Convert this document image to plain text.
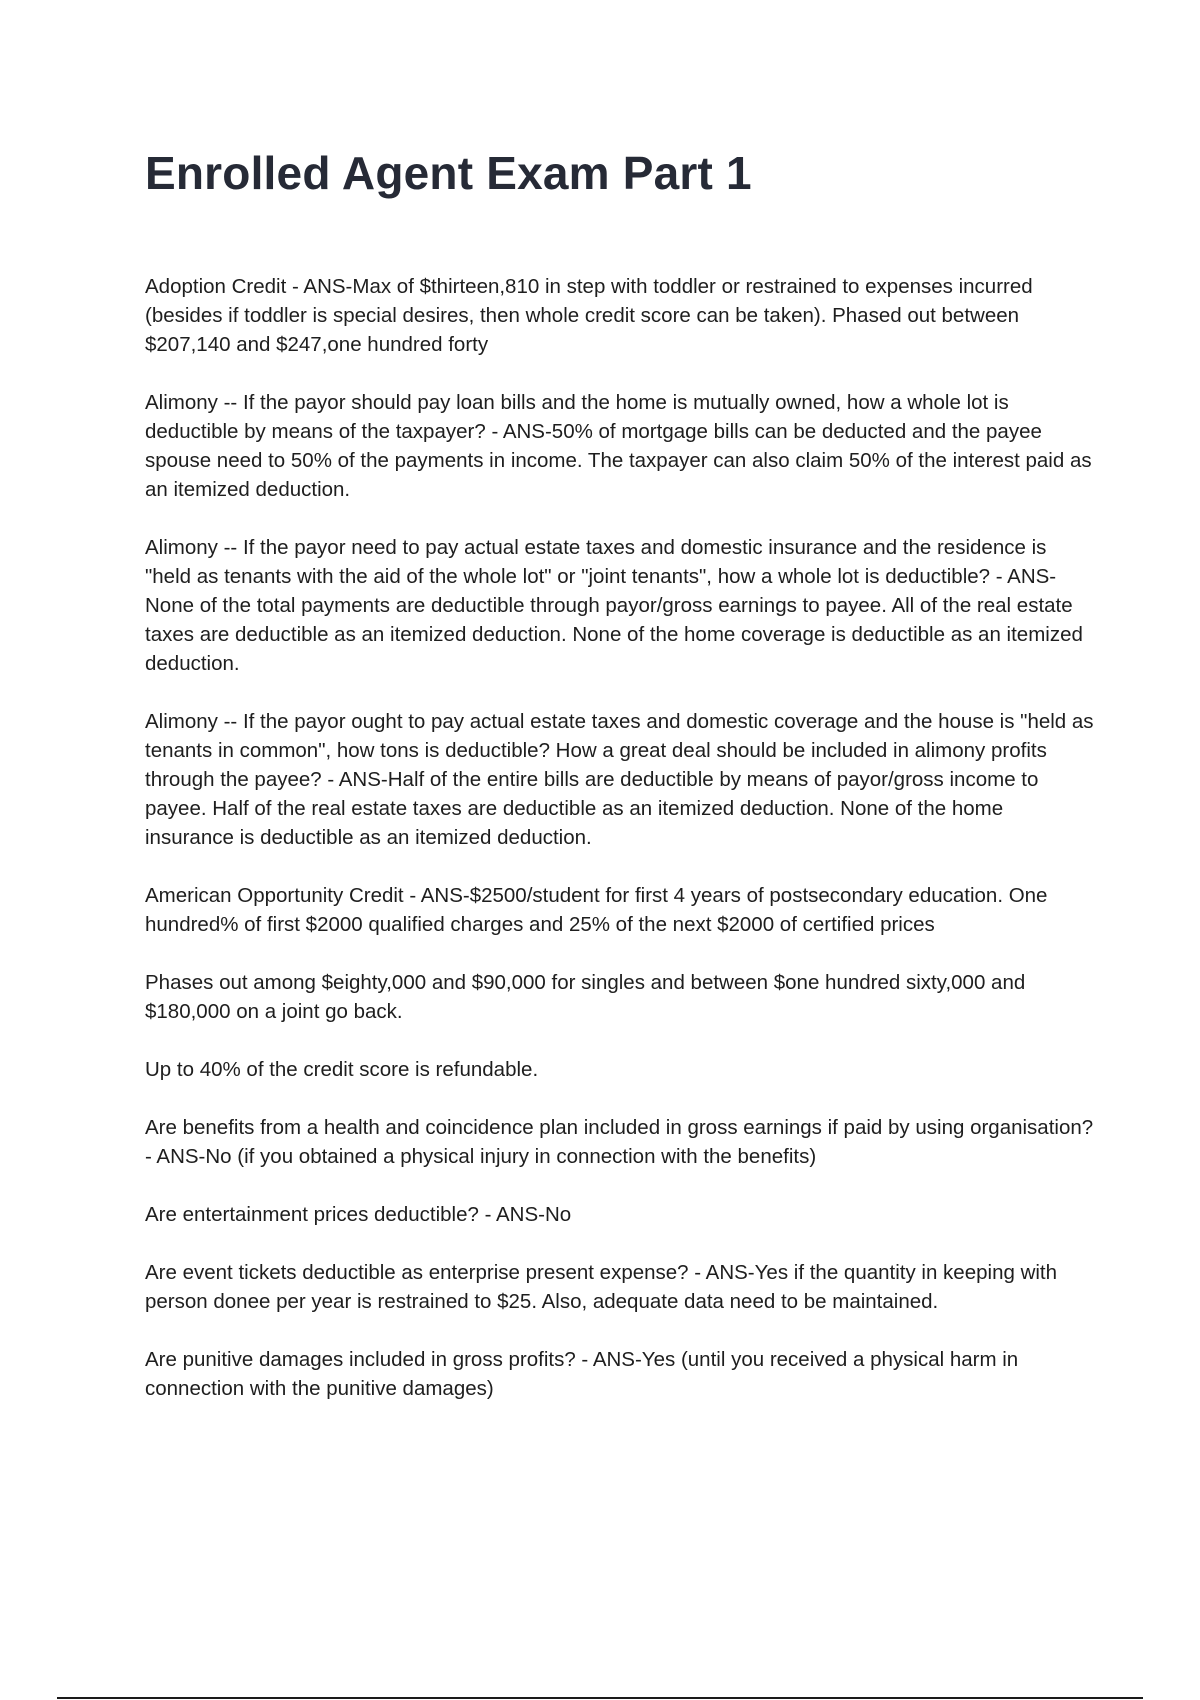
Enrolled Agent Exam Part 1

Adoption Credit - ANS-Max of $thirteen,810 in step with toddler or restrained to expenses incurred (besides if toddler is special desires, then whole credit score can be taken). Phased out between $207,140 and $247,one hundred forty

Alimony -- If the payor should pay loan bills and the home is mutually owned, how a whole lot is deductible by means of the taxpayer? - ANS-50% of mortgage bills can be deducted and the payee spouse need to 50% of the payments in income. The taxpayer can also claim 50% of the interest paid as an itemized deduction.

Alimony -- If the payor need to pay actual estate taxes and domestic insurance and the residence is "held as tenants with the aid of the whole lot" or "joint tenants", how a whole lot is deductible? - ANS-None of the total payments are deductible through payor/gross earnings to payee. All of the real estate taxes are deductible as an itemized deduction. None of the home coverage is deductible as an itemized deduction.

Alimony -- If the payor ought to pay actual estate taxes and domestic coverage and the house is "held as tenants in common", how tons is deductible? How a great deal should be included in alimony profits through the payee? - ANS-Half of the entire bills are deductible by means of payor/gross income to payee. Half of the real estate taxes are deductible as an itemized deduction. None of the home insurance is deductible as an itemized deduction.

American Opportunity Credit - ANS-$2500/student for first 4 years of postsecondary education. One hundred% of first $2000 qualified charges and 25% of the next $2000 of certified prices

Phases out among $eighty,000 and $90,000 for singles and between $one hundred sixty,000 and $180,000 on a joint go back.

Up to 40% of the credit score is refundable.

Are benefits from a health and coincidence plan included in gross earnings if paid by using organisation? - ANS-No (if you obtained a physical injury in connection with the benefits)

Are entertainment prices deductible? - ANS-No

Are event tickets deductible as enterprise present expense? - ANS-Yes if the quantity in keeping with person donee per year is restrained to $25. Also, adequate data need to be maintained.

Are punitive damages included in gross profits? - ANS-Yes (until you received a physical harm in connection with the punitive damages)
